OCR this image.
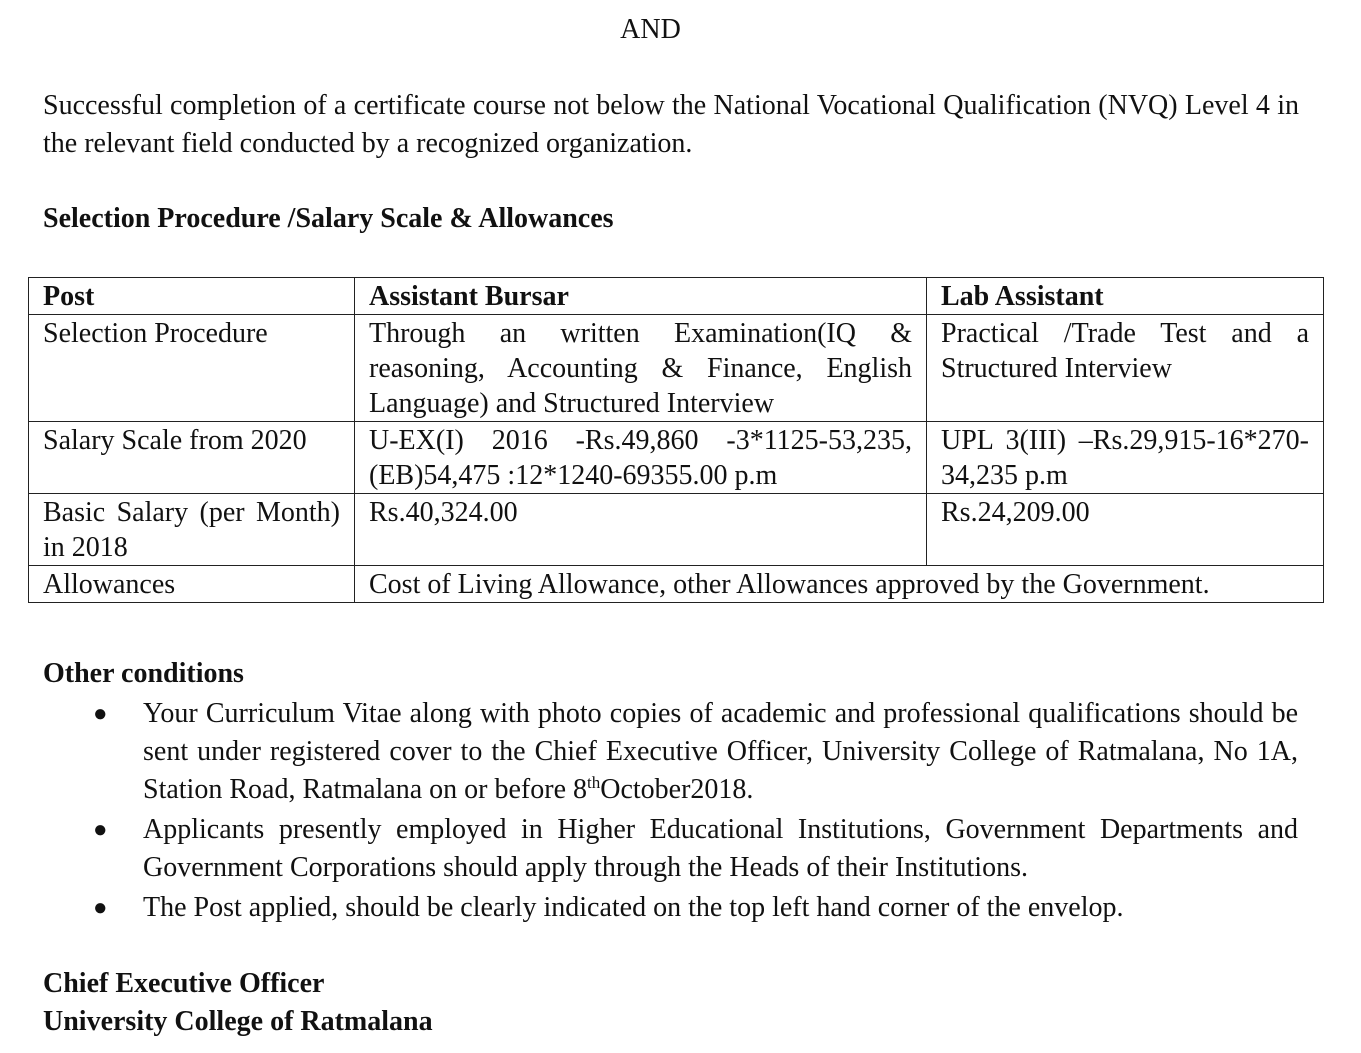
AND

Successful completion of a certificate course not below the National Vocational Qualification (NVQ) Level 4 in the relevant field conducted by a recognized organization.

Selection Procedure /Salary Scale & Allowances
Post	Assistant Bursar	Lab Assistant
Selection Procedure	Through an written Examination(IQ & reasoning, Accounting & Finance, English Language) and Structured Interview	Practical /Trade Test and a Structured Interview
Salary Scale from 2020	U-EX(I) 2016 -Rs.49,860 -3*1125-53,235,(EB)54,475 :12*1240-69355.00 p.m	UPL 3(III) –Rs.29,915-16*270-34,235 p.m
Basic Salary (per Month) in 2018	Rs.40,324.00	Rs.24,209.00
Allowances	Cost of Living Allowance, other Allowances approved by the Government.	
Other conditions
● Your Curriculum Vitae along with photo copies of academic and professional qualifications should be sent under registered cover to the Chief Executive Officer, University College of Ratmalana, No 1A, Station Road, Ratmalana on or before 8thOctober2018.
● Applicants presently employed in Higher Educational Institutions, Government Departments and Government Corporations should apply through the Heads of their Institutions.
● The Post applied, should be clearly indicated on the top left hand corner of the envelop.
Chief Executive Officer
University College of Ratmalana
